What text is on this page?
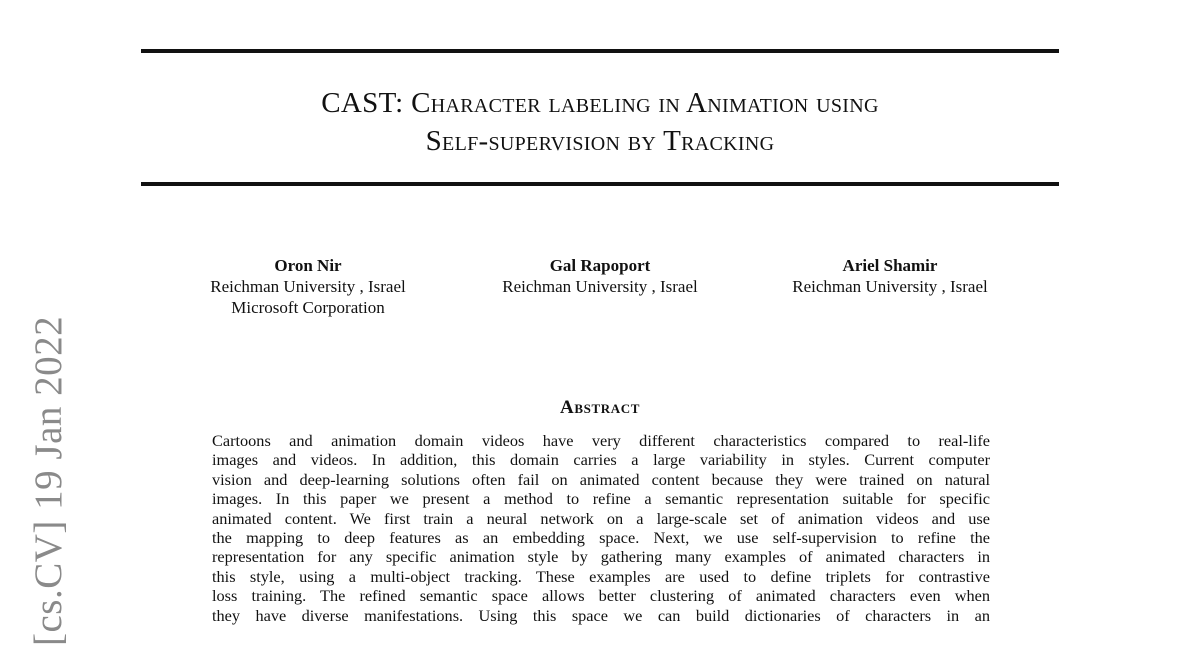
CAST: Character labeling in Animation using
Self-supervision by Tracking
Oron Nir
Reichman University , Israel
Microsoft Corporation
Gal Rapoport
Reichman University , Israel
Ariel Shamir
Reichman University , Israel
Abstract
Cartoons and animation domain videos have very different characteristics compared to real-life
images and videos. In addition, this domain carries a large variability in styles. Current computer
vision and deep-learning solutions often fail on animated content because they were trained on natural
images. In this paper we present a method to refine a semantic representation suitable for specific
animated content. We first train a neural network on a large-scale set of animation videos and use
the mapping to deep features as an embedding space. Next, we use self-supervision to refine the
representation for any specific animation style by gathering many examples of animated characters in
this style, using a multi-object tracking. These examples are used to define triplets for contrastive
loss training. The refined semantic space allows better clustering of animated characters even when
they have diverse manifestations. Using this space we can build dictionaries of characters in an
[cs.CV] 19 Jan 2022
